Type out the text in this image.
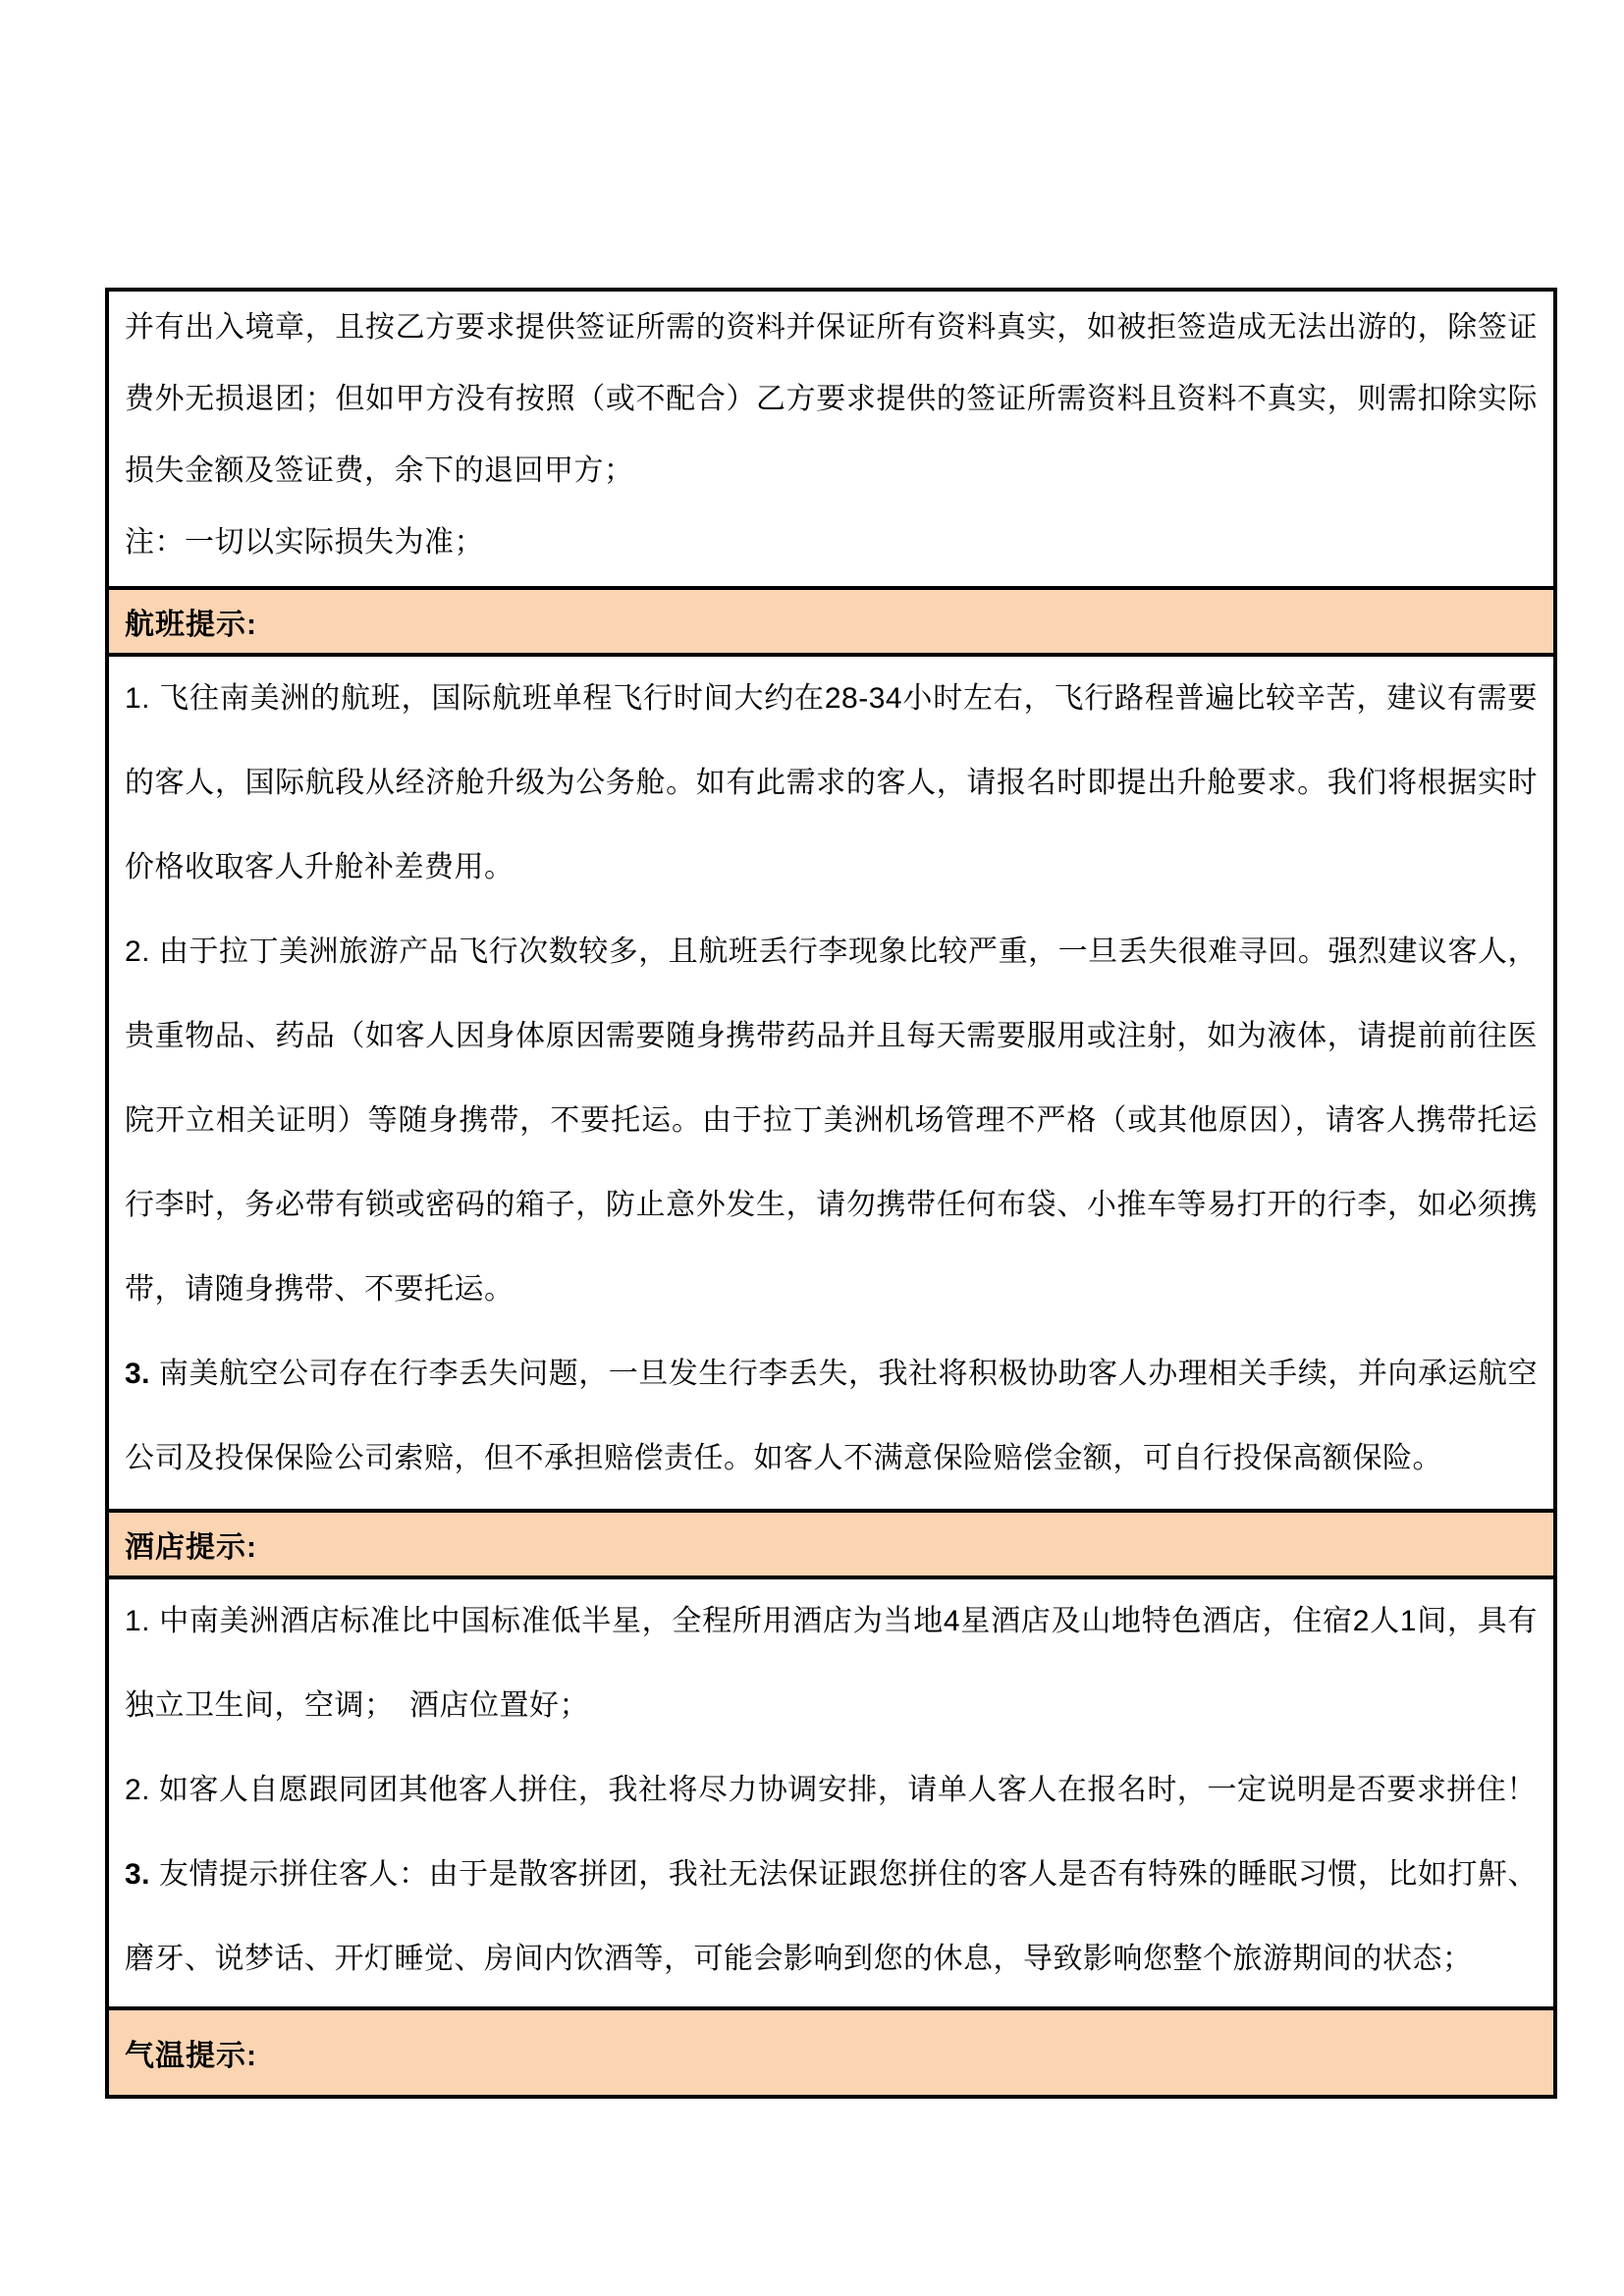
并有出入境章，且按乙方要求提供签证所需的资料并保证所有资料真实，如被拒签造成无法出游的，除签证费外无损退团；但如甲方没有按照（或不配合）乙方要求提供的签证所需资料且资料不真实，则需扣除实际损失金额及签证费，余下的退回甲方；

注：一切以实际损失为准；

航班提示:

1. 飞往南美洲的航班，国际航班单程飞行时间大约在28-34小时左右，飞行路程普遍比较辛苦，建议有需要的客人，国际航段从经济舱升级为公务舱。如有此需求的客人，请报名时即提出升舱要求。我们将根据实时价格收取客人升舱补差费用。

2. 由于拉丁美洲旅游产品飞行次数较多，且航班丢行李现象比较严重，一旦丢失很难寻回。强烈建议客人，贵重物品、药品（如客人因身体原因需要随身携带药品并且每天需要服用或注射，如为液体，请提前前往医院开立相关证明）等随身携带，不要托运。由于拉丁美洲机场管理不严格（或其他原因），请客人携带托运行李时，务必带有锁或密码的箱子，防止意外发生，请勿携带任何布袋、小推车等易打开的行李，如必须携带，请随身携带、不要托运。

3. 南美航空公司存在行李丢失问题，一旦发生行李丢失，我社将积极协助客人办理相关手续，并向承运航空公司及投保保险公司索赔，但不承担赔偿责任。如客人不满意保险赔偿金额，可自行投保高额保险。

酒店提示:

1. 中南美洲酒店标准比中国标准低半星，全程所用酒店为当地4星酒店及山地特色酒店，住宿2人1间，具有独立卫生间，空调；　酒店位置好；

2. 如客人自愿跟同团其他客人拼住，我社将尽力协调安排，请单人客人在报名时，一定说明是否要求拼住！

3. 友情提示拼住客人：由于是散客拼团，我社无法保证跟您拼住的客人是否有特殊的睡眠习惯，比如打鼾、磨牙、说梦话、开灯睡觉、房间内饮酒等，可能会影响到您的休息，导致影响您整个旅游期间的状态；

气温提示:
